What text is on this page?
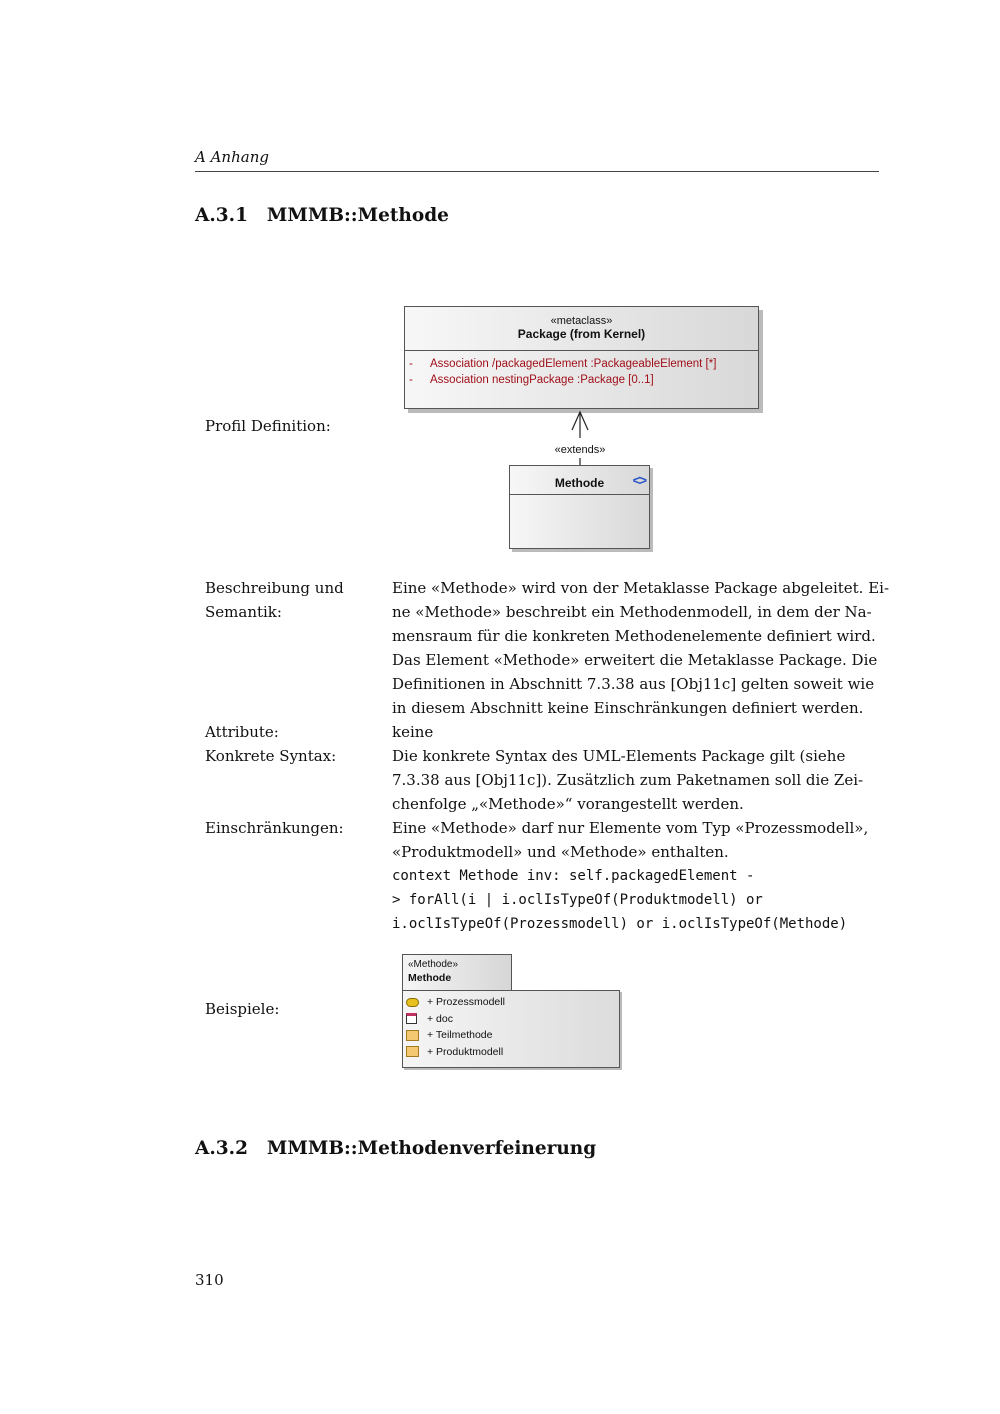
A Anhang
A.3.1 MMMB::Methode
Profil Definition:
«metaclass»
Package (from Kernel)
- Association /packagedElement :PackageableElement [*]
- Association nestingPackage :Package [0..1]
«extends»
Methode <>
Beschreibung und
Semantik:
Eine «Methode» wird von der Metaklasse Package abgeleitet. Ei-
ne «Methode» beschreibt ein Methodenmodell, in dem der Na-
mensraum für die konkreten Methodenelemente definiert wird.
Das Element «Methode» erweitert die Metaklasse Package. Die
Definitionen in Abschnitt 7.3.38 aus [Obj11c] gelten soweit wie
in diesem Abschnitt keine Einschränkungen definiert werden.
Attribute:	keine
Konkrete Syntax:	Die konkrete Syntax des UML-Elements Package gilt (siehe
7.3.38 aus [Obj11c]). Zusätzlich zum Paketnamen soll die Zei-
chenfolge „«Methode»“ vorangestellt werden.
Einschränkungen:	Eine «Methode» darf nur Elemente vom Typ «Prozessmodell»,
«Produktmodell» und «Methode» enthalten.
context Methode inv: self.packagedElement -
> forAll(i | i.oclIsTypeOf(Produktmodell) or
i.oclIsTypeOf(Prozessmodell) or i.oclIsTypeOf(Methode)
Beispiele:
«Methode»
Methode
+ Prozessmodell
+ doc
+ Teilmethode
+ Produktmodell
A.3.2 MMMB::Methodenverfeinerung
310
